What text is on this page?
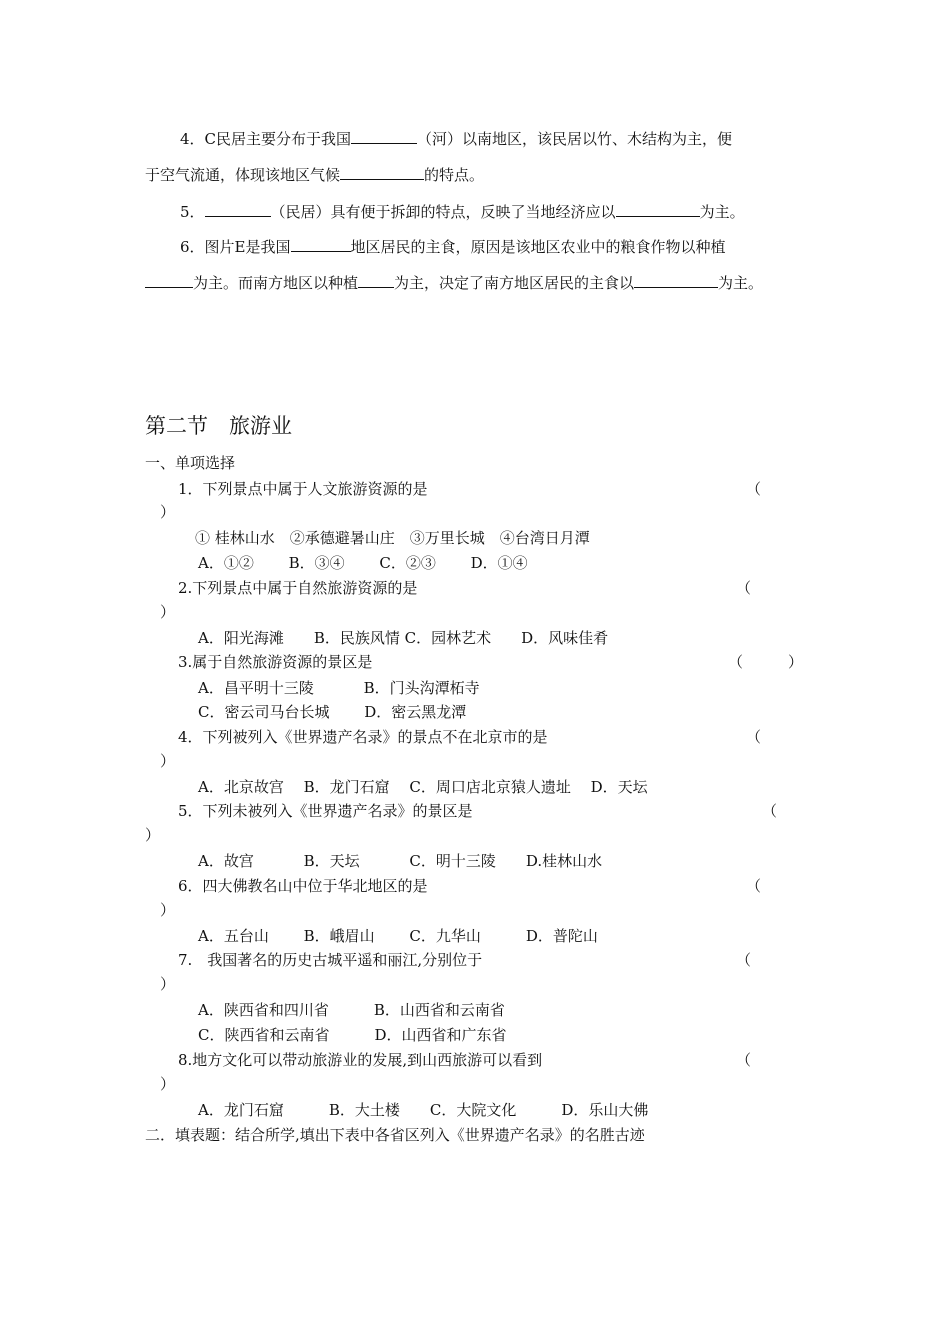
4．C民居主要分布于我国	（河）以南地区，该民居以竹、木结构为主，便
于空气流通，体现该地区气候	的特点。
5．	（民居）具有便于拆卸的特点，反映了当地经济应以	为主。
6．图片E是我国	地区居民的主食，原因是该地区农业中的粮食作物以种植
为主。而南方地区以种植 为主，决定了南方地区居民的主食以	为主。
第二节　旅游业
一、单项选择
1．下列景点中属于人文旅游资源的是	（
）
① 桂林山水　②承德避暑山庄　③万里长城　④台湾日月潭
A．①②　　 B．③④　　 C．②③　　 D．①④
2.下列景点中属于自然旅游资源的是	（
）
A．阳光海滩　　B．民族风情 C．园林艺术　　D．风味佳肴
3.属于自然旅游资源的景区是	（　　　）
A．昌平明十三陵　　　 B．门头沟潭柘寺
C．密云司马台长城　　 D．密云黑龙潭
4．下列被列入《世界遗产名录》的景点不在北京市的是	（
）
A．北京故宫　 B．龙门石窟　 C．周口店北京猿人遗址　 D．天坛
5．下列未被列入《世界遗产名录》的景区是	（
）
A．故宫　　　 B．天坛　　　 C．明十三陵　　D.桂林山水
6．四大佛教名山中位于华北地区的是	（
）
A．五台山　　 B．峨眉山　　 C．九华山　　　D．普陀山
7.　我国著名的历史古城平遥和丽江,分别位于	（
）
A．陕西省和四川省　　　B．山西省和云南省
C．陕西省和云南省　　　D．山西省和广东省
8.地方文化可以带动旅游业的发展,到山西旅游可以看到	（
）
A．龙门石窟　　　B．大土楼　　C．大院文化　　　D．乐山大佛
二．填表题：结合所学,填出下表中各省区列入《世界遗产名录》的名胜古迹
